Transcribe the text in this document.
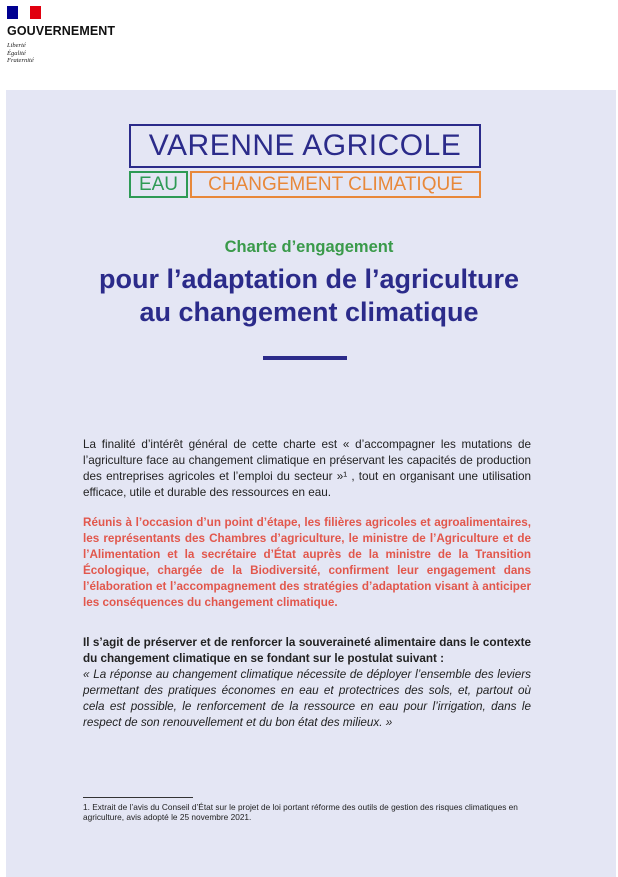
GOUVERNEMENT
Liberté
Égalité
Fraternité
VARENNE AGRICOLE
EAU CHANGEMENT CLIMATIQUE
Charte d’engagement
pour l’adaptation de l’agriculture
au changement climatique

La finalité d’intérêt général de cette charte est « d’accompagner les mutations de l’agriculture face au changement climatique en préservant les capacités de production des entreprises agricoles et l’emploi du secteur »¹ , tout en organisant une utilisation efficace, utile et durable des ressources en eau.

Réunis à l’occasion d’un point d’étape, les filières agricoles et agroalimentaires, les représentants des Chambres d’agriculture, le ministre de l’Agriculture et de l’Alimentation et la secrétaire d’État auprès de la ministre de la Transition Écologique, chargée de la Biodiversité, confirment leur engagement dans l’élaboration et l’accompagnement des stratégies d’adaptation visant à anticiper les conséquences du changement climatique.

Il s’agit de préserver et de renforcer la souveraineté alimentaire dans le contexte du changement climatique en se fondant sur le postulat suivant :

« La réponse au changement climatique nécessite de déployer l’ensemble des leviers permettant des pratiques économes en eau et protectrices des sols, et, partout où cela est possible, le renforcement de la ressource en eau pour l’irrigation, dans le respect de son renouvellement et du bon état des milieux. »

1. Extrait de l’avis du Conseil d’État sur le projet de loi portant réforme des outils de gestion des risques climatiques en agriculture, avis adopté le 25 novembre 2021.
